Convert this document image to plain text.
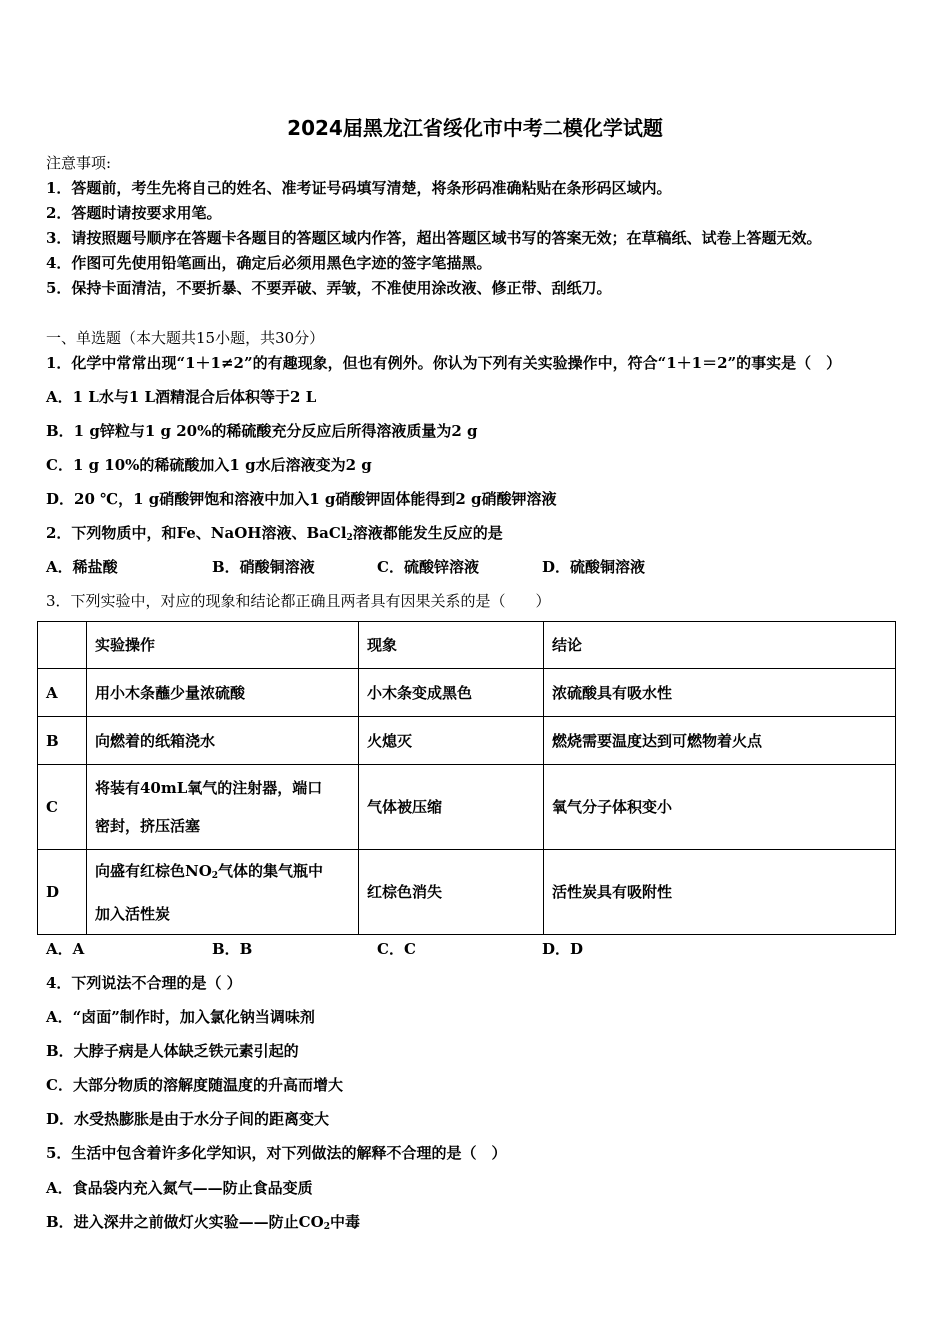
2024届黑龙江省绥化市中考二模化学试题
注意事项:
1．答题前，考生先将自己的姓名、准考证号码填写清楚，将条形码准确粘贴在条形码区域内。
2．答题时请按要求用笔。
3．请按照题号顺序在答题卡各题目的答题区域内作答，超出答题区域书写的答案无效；在草稿纸、试卷上答题无效。
4．作图可先使用铅笔画出，确定后必须用黑色字迹的签字笔描黑。
5．保持卡面清洁，不要折暴、不要弄破、弄皱，不准使用涂改液、修正带、刮纸刀。
一、单选题（本大题共15小题，共30分）
1．化学中常常出现“1＋1≠2”的有趣现象，但也有例外。你认为下列有关实验操作中，符合“1＋1＝2”的事实是（　）
A．1 L水与1 L酒精混合后体积等于2 L
B．1 g锌粒与1 g 20%的稀硫酸充分反应后所得溶液质量为2 g
C．1 g 10%的稀硫酸加入1 g水后溶液变为2 g
D．20 ℃，1 g硝酸钾饱和溶液中加入1 g硝酸钾固体能得到2 g硝酸钾溶液
2．下列物质中，和Fe、NaOH溶液、BaCl$_2$溶液都能发生反应的是
A．稀盐酸	B．硝酸铜溶液	C．硫酸锌溶液	D．硫酸铜溶液
3．下列实验中，对应的现象和结论都正确且两者具有因果关系的是（　　）
	实验操作	现象	结论
A	用小木条蘸少量浓硫酸	小木条变成黑色	浓硫酸具有吸水性
B	向燃着的纸箱浇水	火熄灭	燃烧需要温度达到可燃物着火点
C	将装有40mL氧气的注射器，端口
密封，挤压活塞	气体被压缩	氧气分子体积变小
D	向盛有红棕色$NO_2$气体的集气瓶中
加入活性炭	红棕色消失	活性炭具有吸附性
A．A	B．B	C．C	D．D
4．下列说法不合理的是（ ）
A．“卤面”制作时，加入氯化钠当调味剂
B．大脖子病是人体缺乏铁元素引起的
C．大部分物质的溶解度随温度的升高而增大
D．水受热膨胀是由于水分子间的距离变大
5．生活中包含着许多化学知识，对下列做法的解释不合理的是（　）
A．食品袋内充入氮气——防止食品变质
B．进入深井之前做灯火实验——防止$CO_2$中毒
